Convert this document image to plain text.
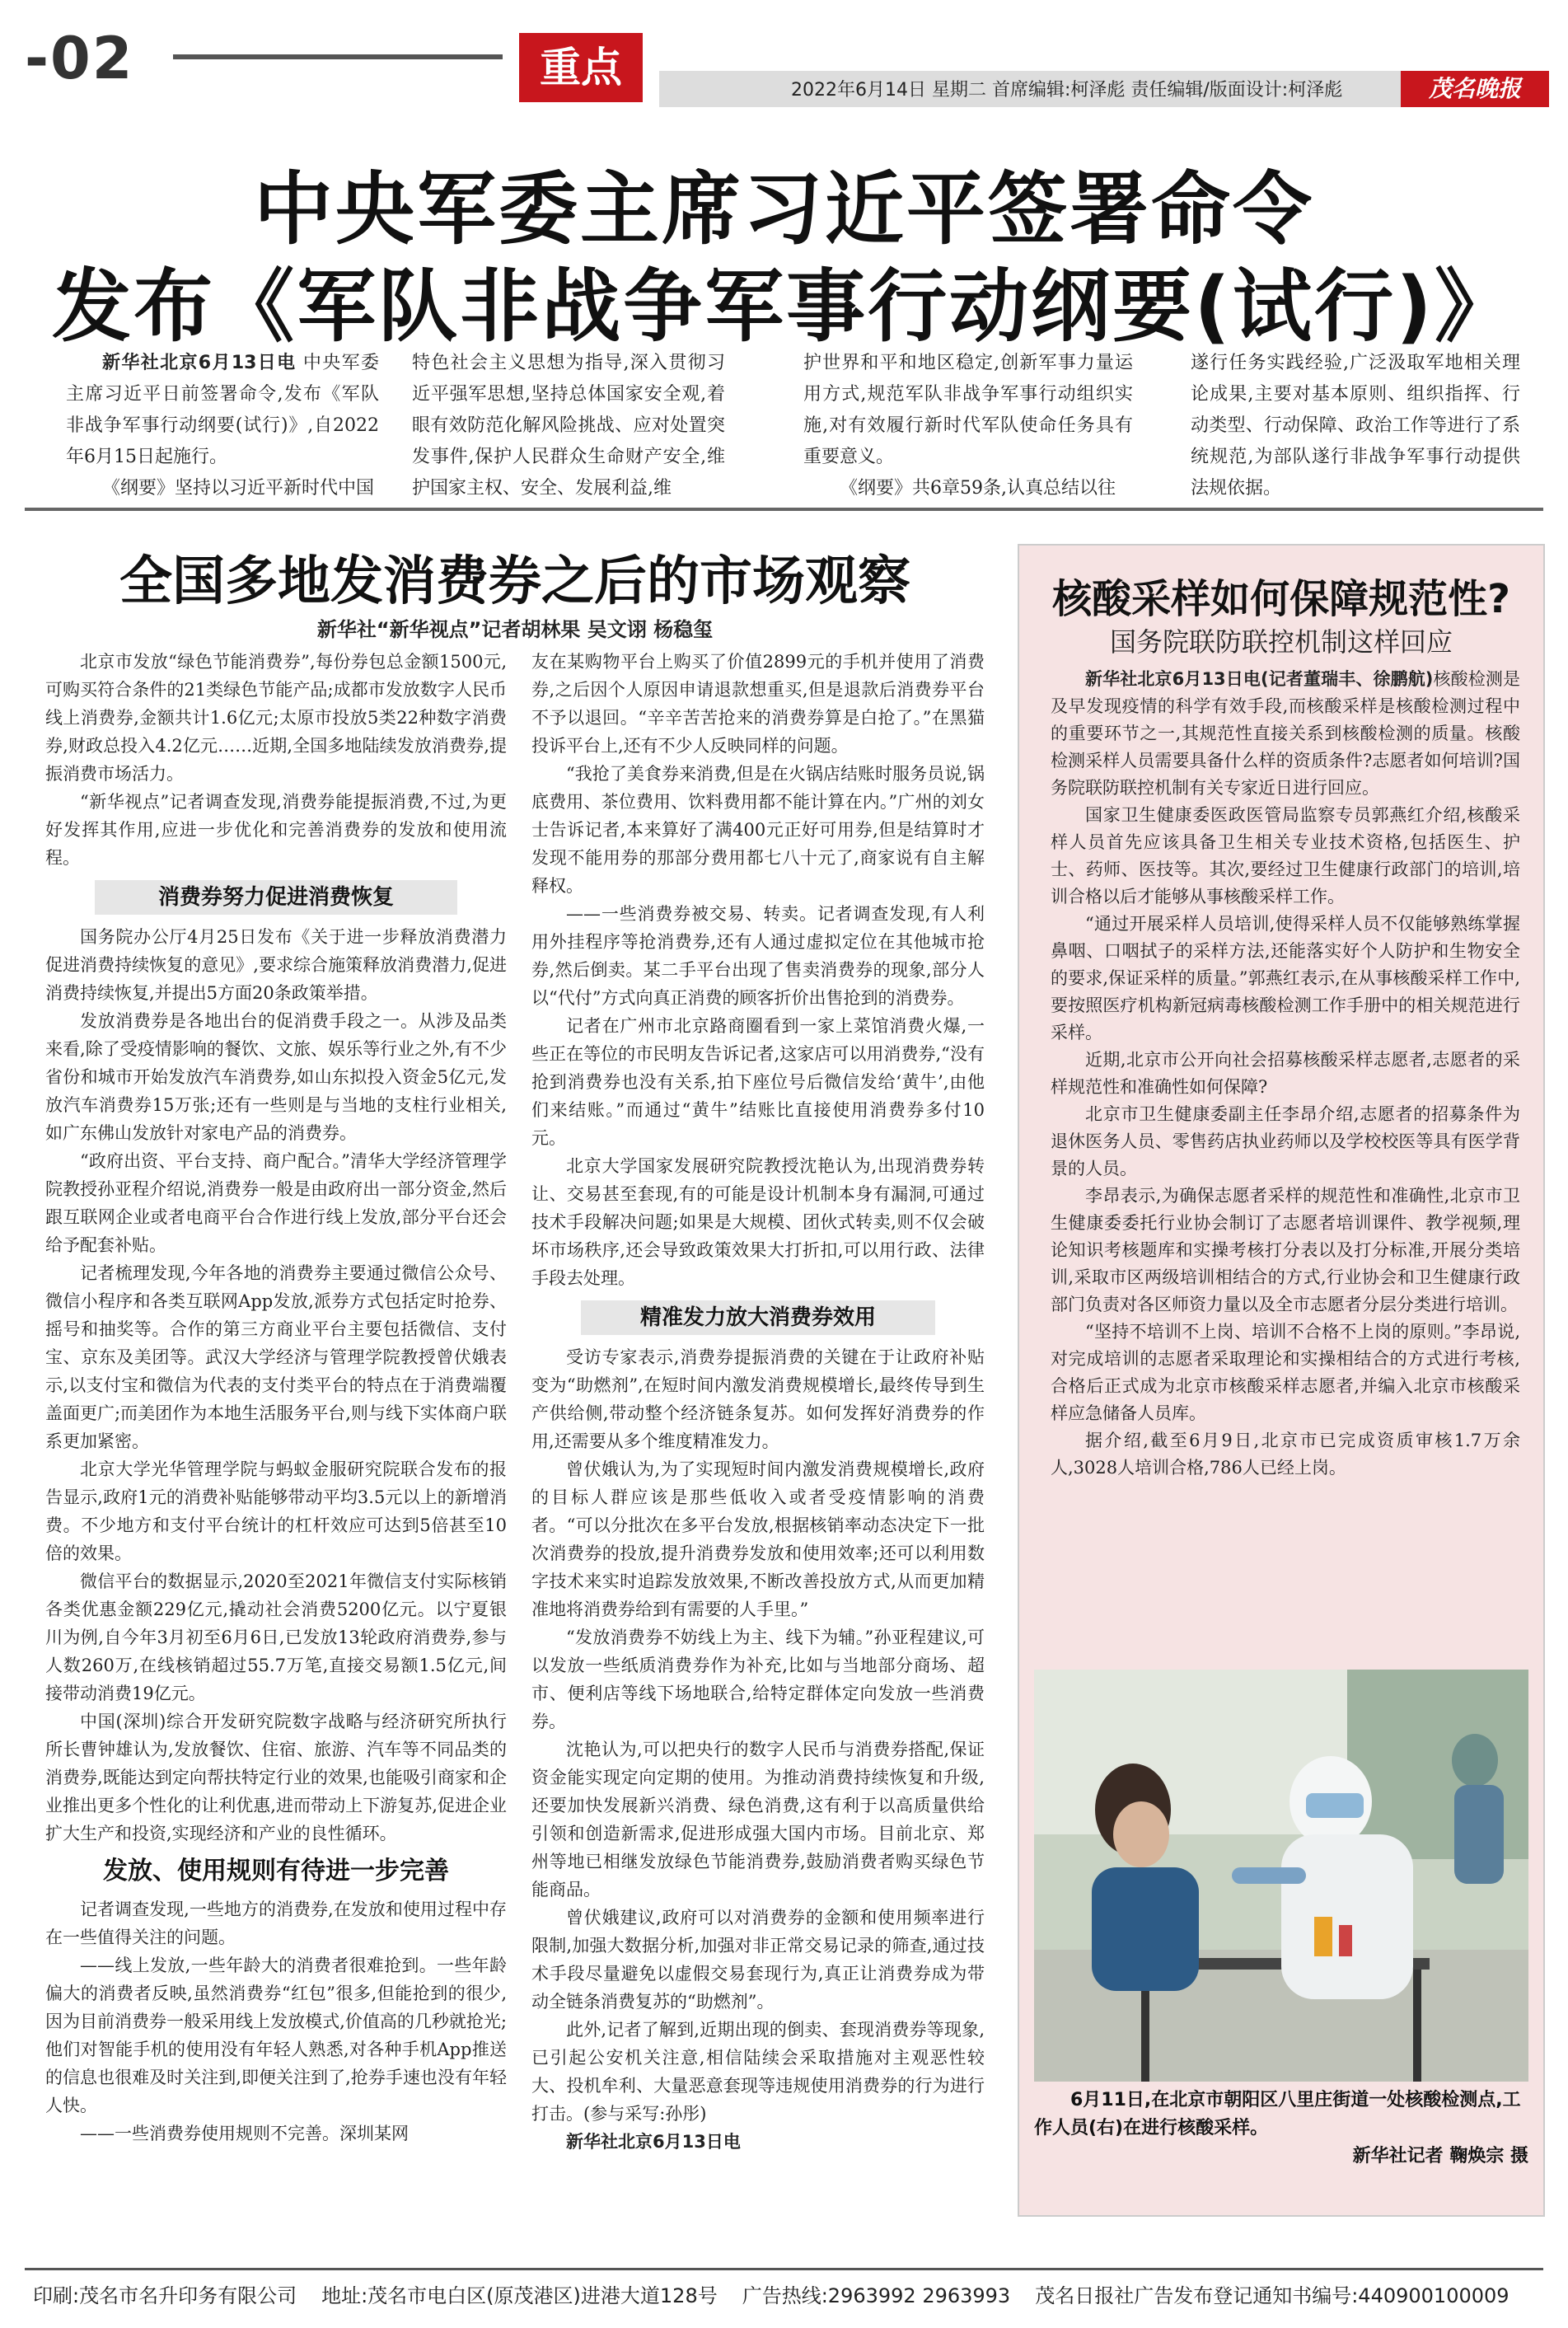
-02	重点	2022年6月14日 星期二 首席编辑:柯泽彪 责任编辑/版面设计:柯泽彪	茂名晚报
中央军委主席习近平签署命令
发布《军队非战争军事行动纲要(试行)》

新华社北京6月13日电 中央军委主席习近平日前签署命令,发布《军队非战争军事行动纲要(试行)》,自2022年6月15日起施行。

《纲要》坚持以习近平新时代中国

特色社会主义思想为指导,深入贯彻习近平强军思想,坚持总体国家安全观,着眼有效防范化解风险挑战、应对处置突发事件,保护人民群众生命财产安全,维护国家主权、安全、发展利益,维

护世界和平和地区稳定,创新军事力量运用方式,规范军队非战争军事行动组织实施,对有效履行新时代军队使命任务具有重要意义。

《纲要》共6章59条,认真总结以往

遂行任务实践经验,广泛汲取军地相关理论成果,主要对基本原则、组织指挥、行动类型、行动保障、政治工作等进行了系统规范,为部队遂行非战争军事行动提供法规依据。

全国多地发消费券之后的市场观察
新华社“新华视点”记者胡林果 吴文诩 杨稳玺

北京市发放“绿色节能消费券”,每份券包总金额1500元,可购买符合条件的21类绿色节能产品;成都市发放数字人民币线上消费券,金额共计1.6亿元;太原市投放5类22种数字消费券,财政总投入4.2亿元……近期,全国多地陆续发放消费券,提振消费市场活力。

“新华视点”记者调查发现,消费券能提振消费,不过,为更好发挥其作用,应进一步优化和完善消费券的发放和使用流程。

消费券努力促进消费恢复

国务院办公厅4月25日发布《关于进一步释放消费潜力促进消费持续恢复的意见》,要求综合施策释放消费潜力,促进消费持续恢复,并提出5方面20条政策举措。

发放消费券是各地出台的促消费手段之一。从涉及品类来看,除了受疫情影响的餐饮、文旅、娱乐等行业之外,有不少省份和城市开始发放汽车消费券,如山东拟投入资金5亿元,发放汽车消费券15万张;还有一些则是与当地的支柱行业相关,如广东佛山发放针对家电产品的消费券。

“政府出资、平台支持、商户配合。”清华大学经济管理学院教授孙亚程介绍说,消费券一般是由政府出一部分资金,然后跟互联网企业或者电商平台合作进行线上发放,部分平台还会给予配套补贴。

记者梳理发现,今年各地的消费券主要通过微信公众号、微信小程序和各类互联网App发放,派券方式包括定时抢券、摇号和抽奖等。合作的第三方商业平台主要包括微信、支付宝、京东及美团等。武汉大学经济与管理学院教授曾伏娥表示,以支付宝和微信为代表的支付类平台的特点在于消费端覆盖面更广;而美团作为本地生活服务平台,则与线下实体商户联系更加紧密。

北京大学光华管理学院与蚂蚁金服研究院联合发布的报告显示,政府1元的消费补贴能够带动平均3.5元以上的新增消费。不少地方和支付平台统计的杠杆效应可达到5倍甚至10倍的效果。

微信平台的数据显示,2020至2021年微信支付实际核销各类优惠金额229亿元,撬动社会消费5200亿元。以宁夏银川为例,自今年3月初至6月6日,已发放13轮政府消费券,参与人数260万,在线核销超过55.7万笔,直接交易额1.5亿元,间接带动消费19亿元。

中国(深圳)综合开发研究院数字战略与经济研究所执行所长曹钟雄认为,发放餐饮、住宿、旅游、汽车等不同品类的消费券,既能达到定向帮扶特定行业的效果,也能吸引商家和企业推出更多个性化的让利优惠,进而带动上下游复苏,促进企业扩大生产和投资,实现经济和产业的良性循环。

发放、使用规则有待进一步完善

记者调查发现,一些地方的消费券,在发放和使用过程中存在一些值得关注的问题。

——线上发放,一些年龄大的消费者很难抢到。一些年龄偏大的消费者反映,虽然消费券“红包”很多,但能抢到的很少,因为目前消费券一般采用线上发放模式,价值高的几秒就抢光;他们对智能手机的使用没有年轻人熟悉,对各种手机App推送的信息也很难及时关注到,即便关注到了,抢券手速也没有年轻人快。

——一些消费券使用规则不完善。深圳某网

友在某购物平台上购买了价值2899元的手机并使用了消费券,之后因个人原因申请退款想重买,但是退款后消费券平台不予以退回。“辛辛苦苦抢来的消费券算是白抢了。”在黑猫投诉平台上,还有不少人反映同样的问题。

“我抢了美食券来消费,但是在火锅店结账时服务员说,锅底费用、茶位费用、饮料费用都不能计算在内。”广州的刘女士告诉记者,本来算好了满400元正好可用券,但是结算时才发现不能用券的那部分费用都七八十元了,商家说有自主解释权。

——一些消费券被交易、转卖。记者调查发现,有人利用外挂程序等抢消费券,还有人通过虚拟定位在其他城市抢券,然后倒卖。某二手平台出现了售卖消费券的现象,部分人以“代付”方式向真正消费的顾客折价出售抢到的消费券。

记者在广州市北京路商圈看到一家上菜馆消费火爆,一些正在等位的市民明友告诉记者,这家店可以用消费券,“没有抢到消费券也没有关系,拍下座位号后微信发给‘黄牛’,由他们来结账。”而通过“黄牛”结账比直接使用消费券多付10元。

北京大学国家发展研究院教授沈艳认为,出现消费券转让、交易甚至套现,有的可能是设计机制本身有漏洞,可通过技术手段解决问题;如果是大规模、团伙式转卖,则不仅会破坏市场秩序,还会导致政策效果大打折扣,可以用行政、法律手段去处理。

精准发力放大消费券效用

受访专家表示,消费券提振消费的关键在于让政府补贴变为“助燃剂”,在短时间内激发消费规模增长,最终传导到生产供给侧,带动整个经济链条复苏。如何发挥好消费券的作用,还需要从多个维度精准发力。

曾伏娥认为,为了实现短时间内激发消费规模增长,政府的目标人群应该是那些低收入或者受疫情影响的消费者。“可以分批次在多平台发放,根据核销率动态决定下一批次消费券的投放,提升消费券发放和使用效率;还可以利用数字技术来实时追踪发放效果,不断改善投放方式,从而更加精准地将消费券给到有需要的人手里。”

“发放消费券不妨线上为主、线下为辅。”孙亚程建议,可以发放一些纸质消费券作为补充,比如与当地部分商场、超市、便利店等线下场地联合,给特定群体定向发放一些消费券。

沈艳认为,可以把央行的数字人民币与消费券搭配,保证资金能实现定向定期的使用。为推动消费持续恢复和升级,还要加快发展新兴消费、绿色消费,这有利于以高质量供给引领和创造新需求,促进形成强大国内市场。目前北京、郑州等地已相继发放绿色节能消费券,鼓励消费者购买绿色节能商品。

曾伏娥建议,政府可以对消费券的金额和使用频率进行限制,加强大数据分析,加强对非正常交易记录的筛查,通过技术手段尽量避免以虚假交易套现行为,真正让消费券成为带动全链条消费复苏的“助燃剂”。

此外,记者了解到,近期出现的倒卖、套现消费券等现象,已引起公安机关注意,相信陆续会采取措施对主观恶性较大、投机牟利、大量恶意套现等违规使用消费券的行为进行打击。(参与采写:孙彤)

新华社北京6月13日电

核酸采样如何保障规范性?
国务院联防联控机制这样回应

新华社北京6月13日电(记者董瑞丰、徐鹏航)核酸检测是及早发现疫情的科学有效手段,而核酸采样是核酸检测过程中的重要环节之一,其规范性直接关系到核酸检测的质量。核酸检测采样人员需要具备什么样的资质条件?志愿者如何培训?国务院联防联控机制有关专家近日进行回应。

国家卫生健康委医政医管局监察专员郭燕红介绍,核酸采样人员首先应该具备卫生相关专业技术资格,包括医生、护士、药师、医技等。其次,要经过卫生健康行政部门的培训,培训合格以后才能够从事核酸采样工作。

“通过开展采样人员培训,使得采样人员不仅能够熟练掌握鼻咽、口咽拭子的采样方法,还能落实好个人防护和生物安全的要求,保证采样的质量。”郭燕红表示,在从事核酸采样工作中,要按照医疗机构新冠病毒核酸检测工作手册中的相关规范进行采样。

近期,北京市公开向社会招募核酸采样志愿者,志愿者的采样规范性和准确性如何保障?

北京市卫生健康委副主任李昂介绍,志愿者的招募条件为退休医务人员、零售药店执业药师以及学校校医等具有医学背景的人员。

李昂表示,为确保志愿者采样的规范性和准确性,北京市卫生健康委委托行业协会制订了志愿者培训课件、教学视频,理论知识考核题库和实操考核打分表以及打分标准,开展分类培训,采取市区两级培训相结合的方式,行业协会和卫生健康行政部门负责对各区师资力量以及全市志愿者分层分类进行培训。

“坚持不培训不上岗、培训不合格不上岗的原则。”李昂说,对完成培训的志愿者采取理论和实操相结合的方式进行考核,合格后正式成为北京市核酸采样志愿者,并编入北京市核酸采样应急储备人员库。

据介绍,截至6月9日,北京市已完成资质审核1.7万余人,3028人培训合格,786人已经上岗。

6月11日,在北京市朝阳区八里庄街道一处核酸检测点,工作人员(右)在进行核酸采样。
新华社记者 鞠焕宗 摄
印刷:茂名市名升印务有限公司 地址:茂名市电白区(原茂港区)进港大道128号 广告热线:2963992 2963993 茂名日报社广告发布登记通知书编号:440900100009
